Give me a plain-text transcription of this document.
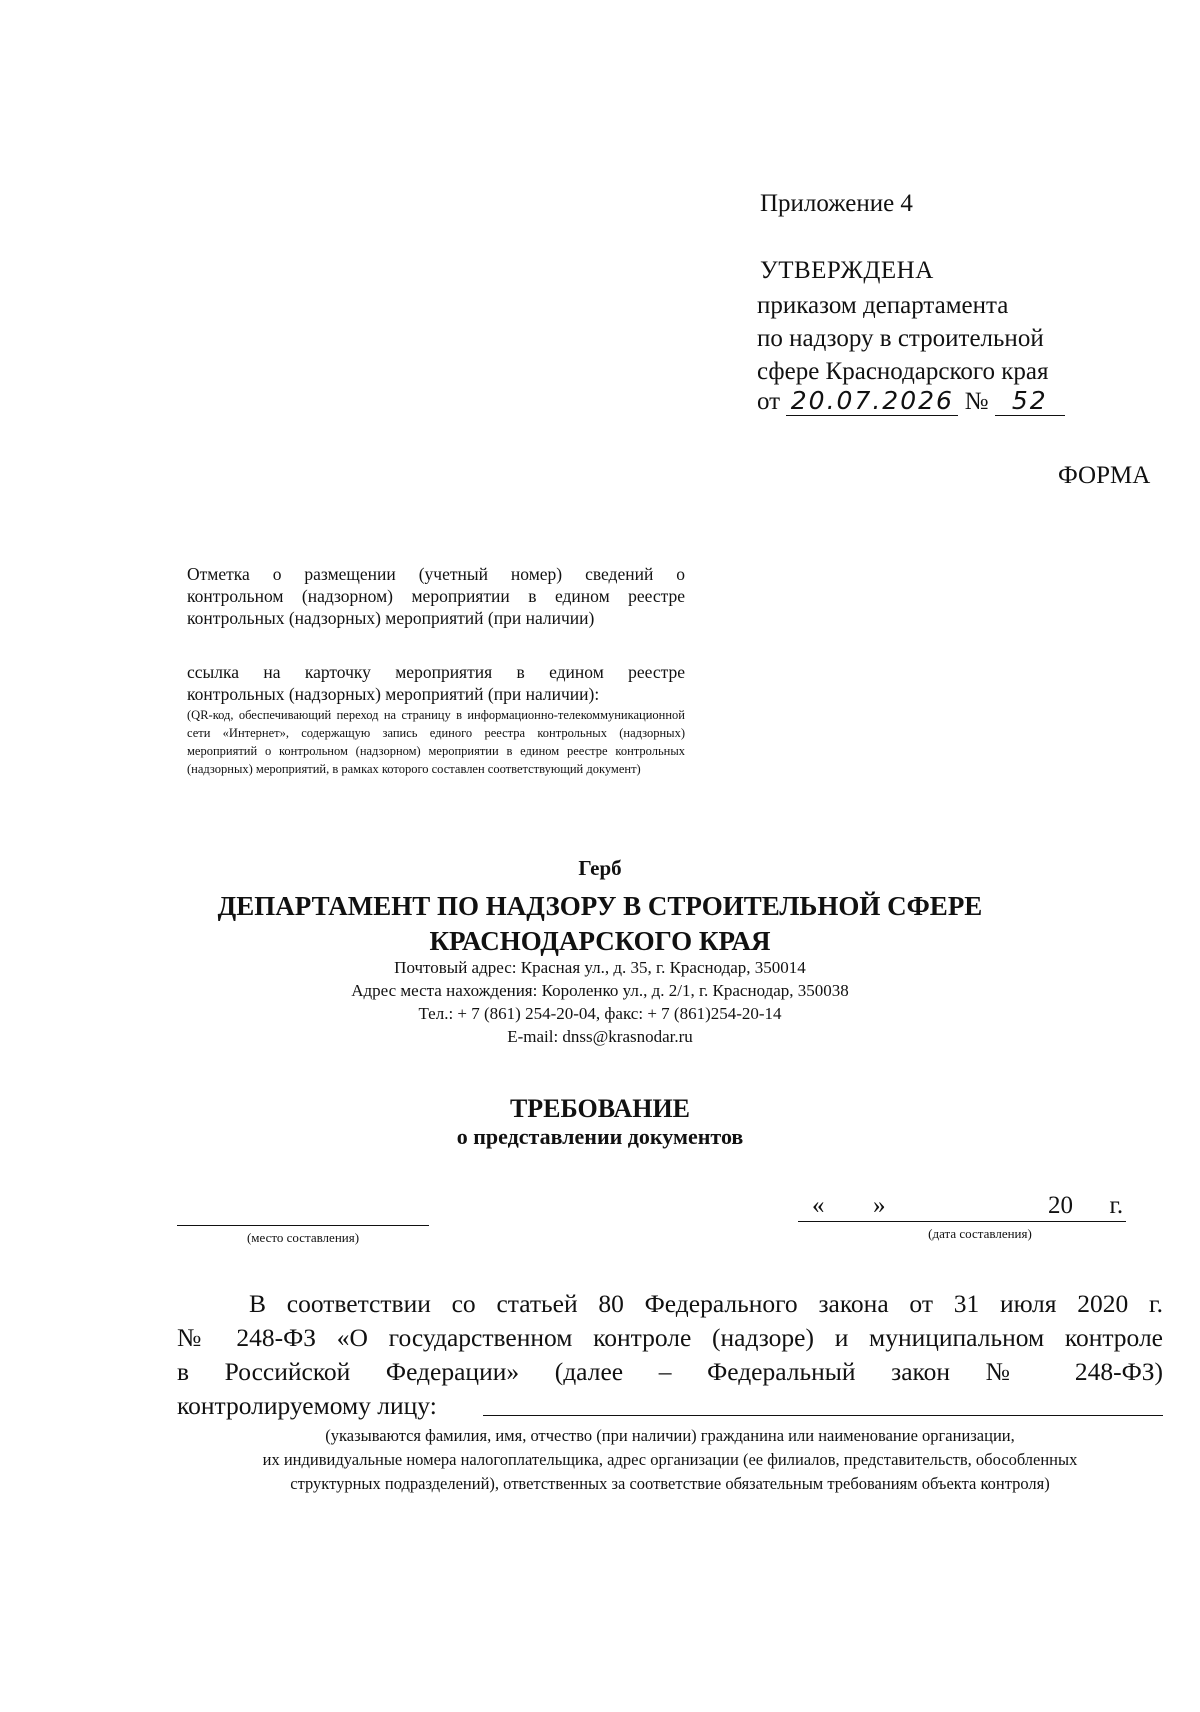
Приложение 4
УТВЕРЖДЕНА
приказом департамента
по надзору в строительной
сфере Краснодарского края
от 20.07.2026 № 52
ФОРМА
Отметка о размещении (учетный номер) сведений о
контрольном (надзорном) мероприятии в едином реестре
контрольных (надзорных) мероприятий (при наличии)
ссылка на карточку мероприятия в едином реестре
контрольных (надзорных) мероприятий (при наличии):
(QR-код, обеспечивающий переход на страницу в информационно-телекоммуникационной сети «Интернет», содержащую запись единого реестра контрольных (надзорных) мероприятий о контрольном (надзорном) мероприятии в едином реестре контрольных (надзорных) мероприятий, в рамках которого составлен соответствующий документ)
Герб
ДЕПАРТАМЕНТ ПО НАДЗОРУ В СТРОИТЕЛЬНОЙ СФЕРЕ
КРАСНОДАРСКОГО КРАЯ
Почтовый адрес: Красная ул., д. 35, г. Краснодар, 350014
Адрес места нахождения: Короленко ул., д. 2/1, г. Краснодар, 350038
Тел.: + 7 (861) 254-20-04, факс: + 7 (861)254-20-14
E-mail: dnss@krasnodar.ru
ТРЕБОВАНИЕ
о представлении документов
(место составления)
« »	20 г.
(дата составления)
В соответствии со статьей 80 Федерального закона от 31 июля 2020 г.
№ 248-ФЗ «О государственном контроле (надзоре) и муниципальном контроле
в Российской Федерации» (далее – Федеральный закон № 248-ФЗ)
контролируемому лицу:
(указываются фамилия, имя, отчество (при наличии) гражданина или наименование организации,
их индивидуальные номера налогоплательщика, адрес организации (ее филиалов, представительств, обособленных
структурных подразделений), ответственных за соответствие обязательным требованиям объекта контроля)
